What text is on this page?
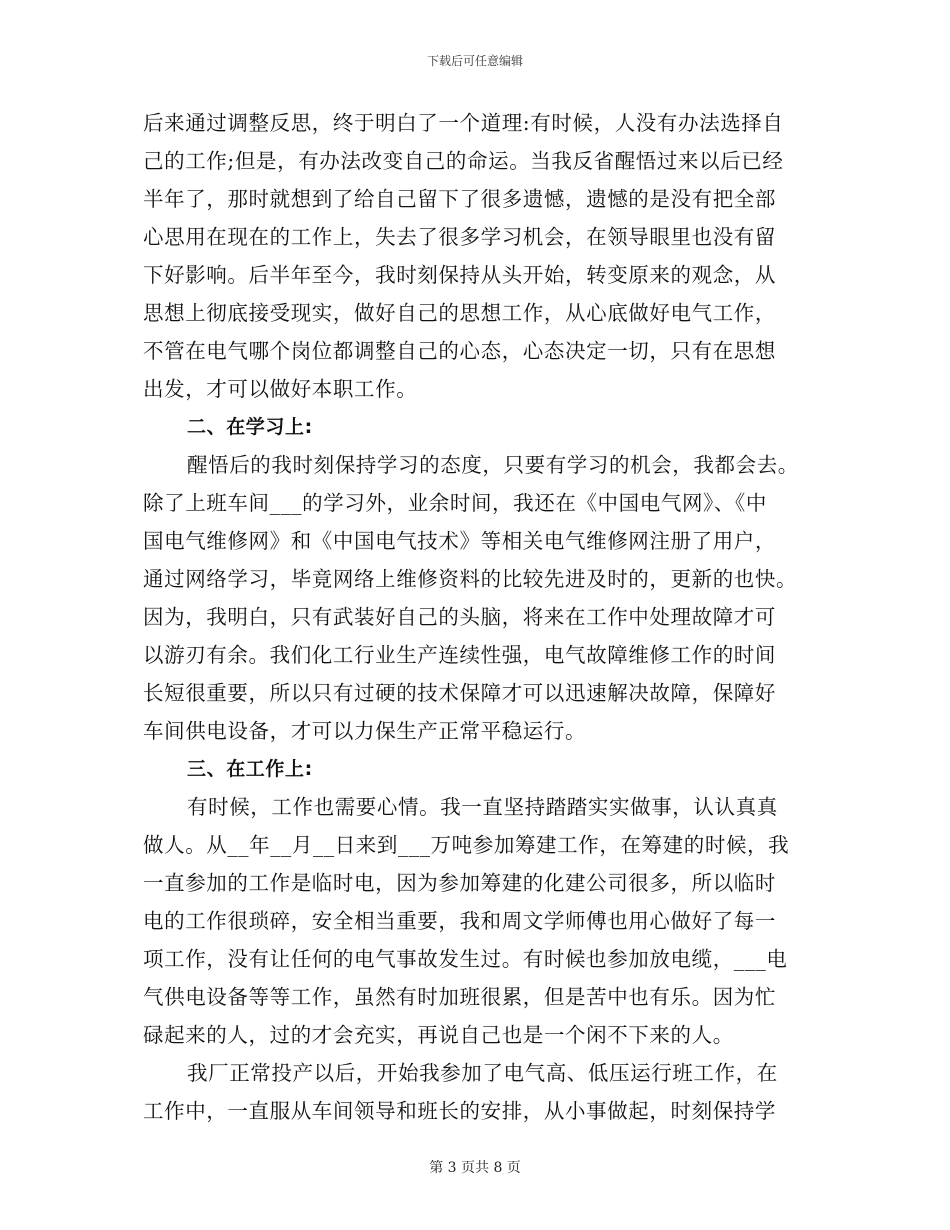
下载后可任意编辑
后来通过调整反思，终于明白了一个道理:有时候，人没有办法选择自
己的工作;但是，有办法改变自己的命运。当我反省醒悟过来以后已经
半年了，那时就想到了给自己留下了很多遗憾，遗憾的是没有把全部
心思用在现在的工作上，失去了很多学习机会，在领导眼里也没有留
下好影响。后半年至今，我时刻保持从头开始，转变原来的观念，从
思想上彻底接受现实，做好自己的思想工作，从心底做好电气工作，
不管在电气哪个岗位都调整自己的心态，心态决定一切，只有在思想
出发，才可以做好本职工作。
二、在学习上:
醒悟后的我时刻保持学习的态度，只要有学习的机会，我都会去。
除了上班车间___的学习外，业余时间，我还在《中国电气网》、《中
国电气维修网》和《中国电气技术》等相关电气维修网注册了用户，
通过网络学习，毕竟网络上维修资料的比较先进及时的，更新的也快。
因为，我明白，只有武装好自己的头脑，将来在工作中处理故障才可
以游刃有余。我们化工行业生产连续性强，电气故障维修工作的时间
长短很重要，所以只有过硬的技术保障才可以迅速解决故障，保障好
车间供电设备，才可以力保生产正常平稳运行。
三、在工作上:
有时候，工作也需要心情。我一直坚持踏踏实实做事，认认真真
做人。从__年__月__日来到___万吨参加筹建工作，在筹建的时候，我
一直参加的工作是临时电，因为参加筹建的化建公司很多，所以临时
电的工作很琐碎，安全相当重要，我和周文学师傅也用心做好了每一
项工作，没有让任何的电气事故发生过。有时候也参加放电缆，___电
气供电设备等等工作，虽然有时加班很累，但是苦中也有乐。因为忙
碌起来的人，过的才会充实，再说自己也是一个闲不下来的人。
我厂正常投产以后，开始我参加了电气高、低压运行班工作，在
工作中，一直服从车间领导和班长的安排，从小事做起，时刻保持学
第 3 页共 8 页
